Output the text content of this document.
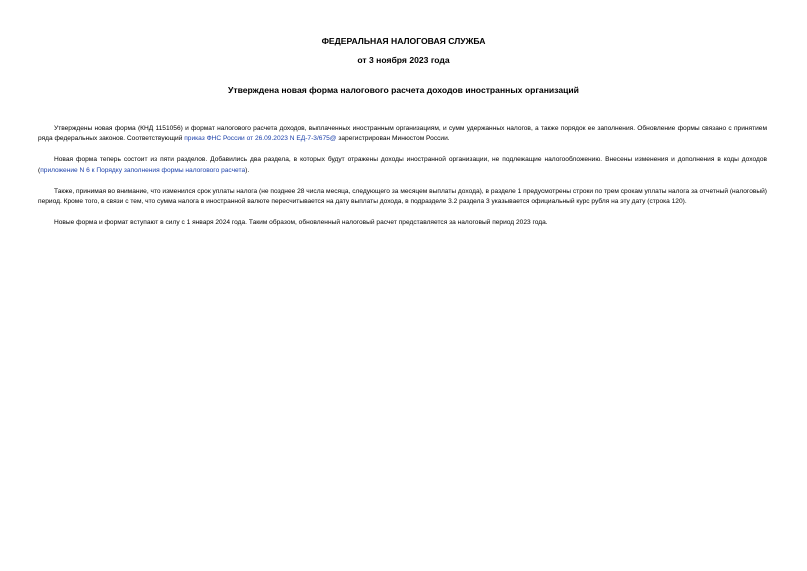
ФЕДЕРАЛЬНАЯ НАЛОГОВАЯ СЛУЖБА
от 3 ноября 2023 года
Утверждена новая форма налогового расчета доходов иностранных организаций

Утверждены новая форма (КНД 1151056) и формат налогового расчета доходов, выплаченных иностранным организациям, и сумм удержанных налогов, а также порядок ее заполнения. Обновление формы связано с принятием ряда федеральных законов. Соответствующий приказ ФНС России от 26.09.2023 N ЕД-7-3/675@ зарегистрирован Минюстом России.

Новая форма теперь состоит из пяти разделов. Добавились два раздела, в которых будут отражены доходы иностранной организации, не подлежащие налогообложению. Внесены изменения и дополнения в коды доходов (приложение N 6 к Порядку заполнения формы налогового расчета).

Также, принимая во внимание, что изменился срок уплаты налога (не позднее 28 числа месяца, следующего за месяцем выплаты дохода), в разделе 1 предусмотрены строки по трем срокам уплаты налога за отчетный (налоговый) период. Кроме того, в связи с тем, что сумма налога в иностранной валюте пересчитывается на дату выплаты дохода, в подразделе 3.2 раздела 3 указывается официальный курс рубля на эту дату (строка 120).

Новые форма и формат вступают в силу с 1 января 2024 года. Таким образом, обновленный налоговый расчет представляется за налоговый период 2023 года.
